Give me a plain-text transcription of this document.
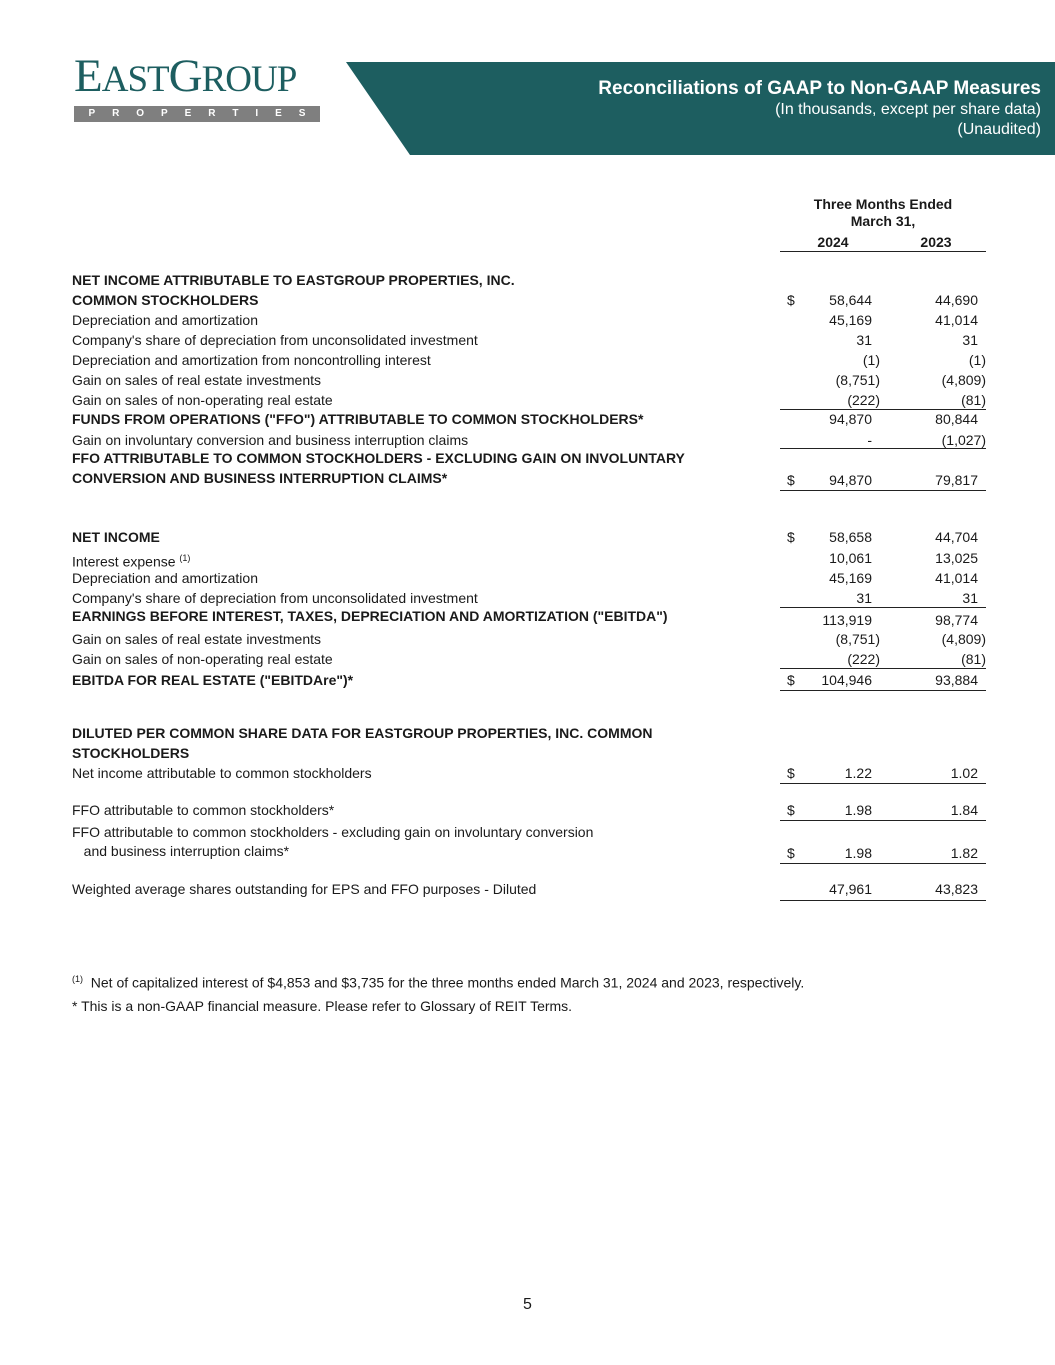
EASTGROUP
P R O P E R T I E S
Reconciliations of GAAP to Non-GAAP Measures
(In thousands, except per share data)
(Unaudited)
Three Months Ended
March 31,
2024	2023
NET INCOME ATTRIBUTABLE TO EASTGROUP PROPERTIES, INC.
COMMON STOCKHOLDERS	$ 58,644	44,690
Depreciation and amortization	45,169	41,014
Company's share of depreciation from unconsolidated investment	31	31
Depreciation and amortization from noncontrolling interest	(1)	(1)
Gain on sales of real estate investments	(8,751)	(4,809)
Gain on sales of non-operating real estate	(222)	(81)
FUNDS FROM OPERATIONS ("FFO") ATTRIBUTABLE TO COMMON STOCKHOLDERS*	94,870	80,844
Gain on involuntary conversion and business interruption claims	-	(1,027)
FFO ATTRIBUTABLE TO COMMON STOCKHOLDERS - EXCLUDING GAIN ON INVOLUNTARY
CONVERSION AND BUSINESS INTERRUPTION CLAIMS*	$ 94,870	79,817
NET INCOME	$ 58,658	44,704
Interest expense $^{(1)}$	10,061	13,025
Depreciation and amortization	45,169	41,014
Company's share of depreciation from unconsolidated investment	31	31
EARNINGS BEFORE INTEREST, TAXES, DEPRECIATION AND AMORTIZATION ("EBITDA")	113,919	98,774
Gain on sales of real estate investments	(8,751)	(4,809)
Gain on sales of non-operating real estate	(222)	(81)
EBITDA FOR REAL ESTATE ("EBITDAre")*	$ 104,946	93,884
DILUTED PER COMMON SHARE DATA FOR EASTGROUP PROPERTIES, INC. COMMON
STOCKHOLDERS
Net income attributable to common stockholders	$	1.22	1.02
FFO attributable to common stockholders*	$	1.98	1.84
FFO attributable to common stockholders - excluding gain on involuntary conversion
and business interruption claims*	$	1.98	1.82
Weighted average shares outstanding for EPS and FFO purposes - Diluted	47,961	43,823
$^{(1)}$ Net of capitalized interest of $4,853 and $3,735 for the three months ended March 31, 2024 and 2023, respectively.
* This is a non-GAAP financial measure. Please refer to Glossary of REIT Terms.
5
